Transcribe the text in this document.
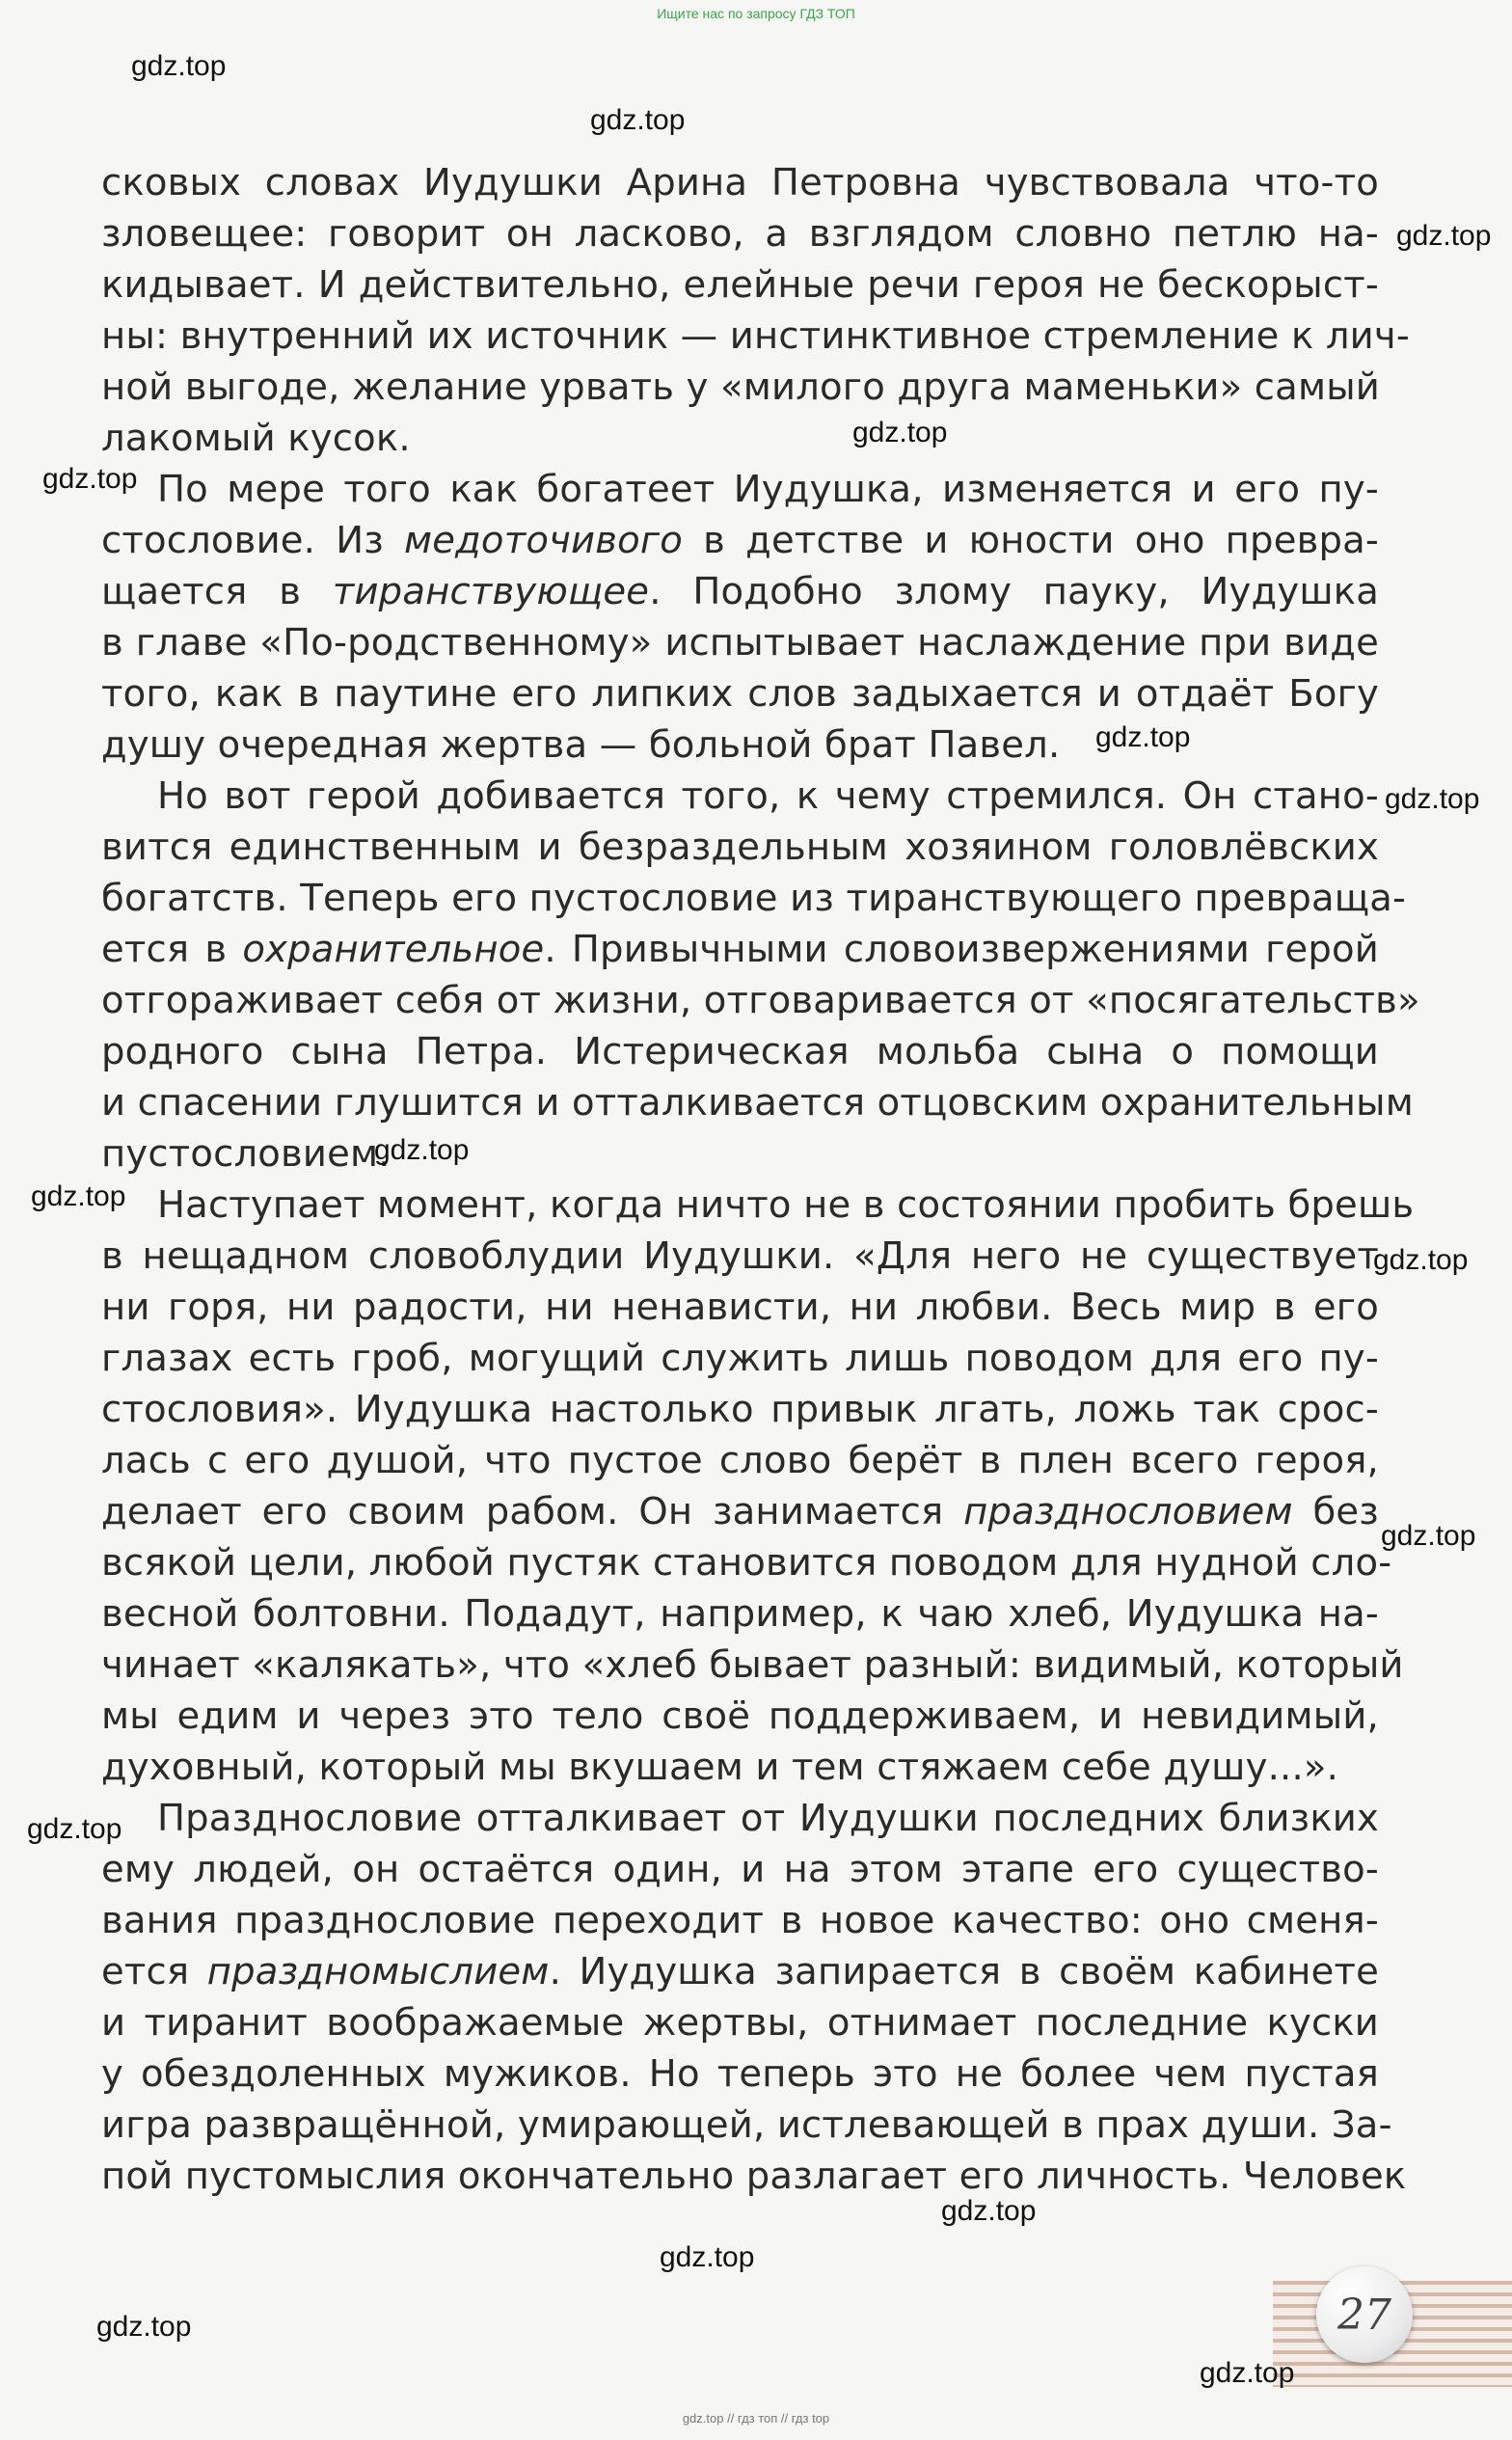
Ищите нас по запросу ГДЗ ТОП
сковых словах Иудушки Арина Петровна чувствовала что-то
зловещее: говорит он ласково, а взглядом словно петлю на-
кидывает. И действительно, елейные речи героя не бескорыст-
ны: внутренний их источник — инстинктивное стремление к лич-
ной выгоде, желание урвать у «милого друга маменьки» самый
лакомый кусок.
По мере того как богатеет Иудушка, изменяется и его пу-
стословие. Из медоточивого в детстве и юности оно превра-
щается в тиранствующее. Подобно злому пауку, Иудушка
в главе «По-родственному» испытывает наслаждение при виде
того, как в паутине его липких слов задыхается и отдаёт Богу
душу очередная жертва — больной брат Павел.
Но вот герой добивается того, к чему стремился. Он стано-
вится единственным и безраздельным хозяином головлёвских
богатств. Теперь его пустословие из тиранствующего превраща-
ется в охранительное. Привычными словоизвержениями герой
отгораживает себя от жизни, отговаривается от «посягательств»
родного сына Петра. Истерическая мольба сына о помощи
и спасении глушится и отталкивается отцовским охранительным
пустословием.
Наступает момент, когда ничто не в состоянии пробить брешь
в нещадном словоблудии Иудушки. «Для него не существует
ни горя, ни радости, ни ненависти, ни любви. Весь мир в его
глазах есть гроб, могущий служить лишь поводом для его пу-
стословия». Иудушка настолько привык лгать, ложь так срос-
лась с его душой, что пустое слово берёт в плен всего героя,
делает его своим рабом. Он занимается празднословием без
всякой цели, любой пустяк становится поводом для нудной сло-
весной болтовни. Подадут, например, к чаю хлеб, Иудушка на-
чинает «калякать», что «хлеб бывает разный: видимый, который
мы едим и через это тело своё поддерживаем, и невидимый,
духовный, который мы вкушаем и тем стяжаем себе душу...».
Празднословие отталкивает от Иудушки последних близких
ему людей, он остаётся один, и на этом этапе его существо-
вания празднословие переходит в новое качество: оно сменя-
ется праздномыслием. Иудушка запирается в своём кабинете
и тиранит воображаемые жертвы, отнимает последние куски
у обездоленных мужиков. Но теперь это не более чем пустая
игра развращённой, умирающей, истлевающей в прах души. За-
пой пустомыслия окончательно разлагает его личность. Человек
gdz.top
gdz.top
gdz.top
gdz.top
gdz.top
gdz.top
gdz.top
gdz.top
gdz.top
gdz.top
gdz.top
gdz.top
gdz.top
gdz.top
gdz.top	27
gdz.top
gdz.top // гдз топ // гдз top
